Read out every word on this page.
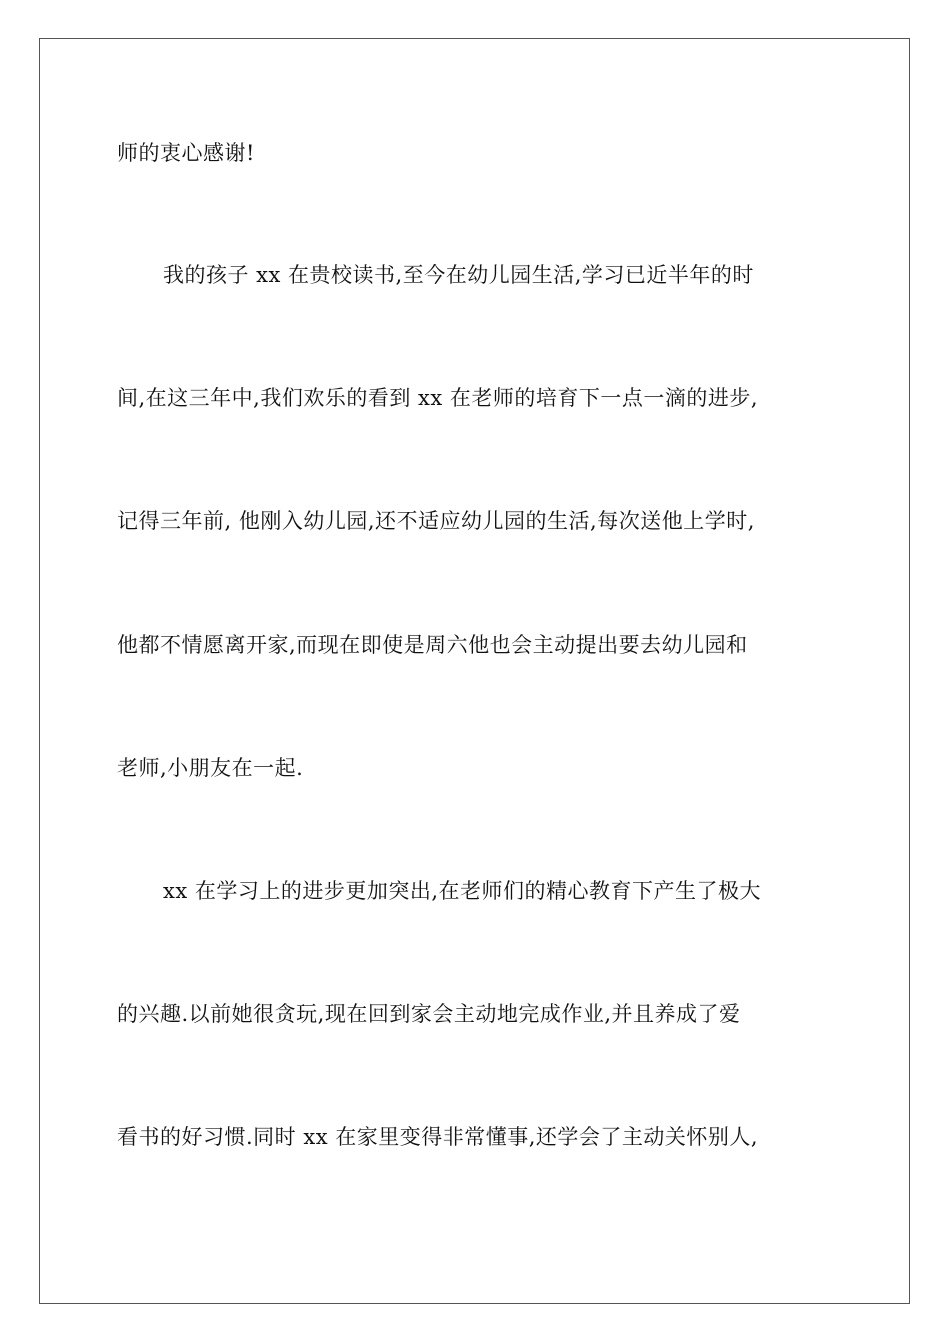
师的衷心感谢!
我的孩子 xx 在贵校读书,至今在幼儿园生活,学习已近半年的时
间,在这三年中,我们欢乐的看到 xx 在老师的培育下一点一滴的进步,
记得三年前, 他刚入幼儿园,还不适应幼儿园的生活,每次送他上学时,
他都不情愿离开家,而现在即使是周六他也会主动提出要去幼儿园和
老师,小朋友在一起.
xx 在学习上的进步更加突出,在老师们的精心教育下产生了极大
的兴趣.以前她很贪玩,现在回到家会主动地完成作业,并且养成了爱
看书的好习惯.同时 xx 在家里变得非常懂事,还学会了主动关怀别人,
